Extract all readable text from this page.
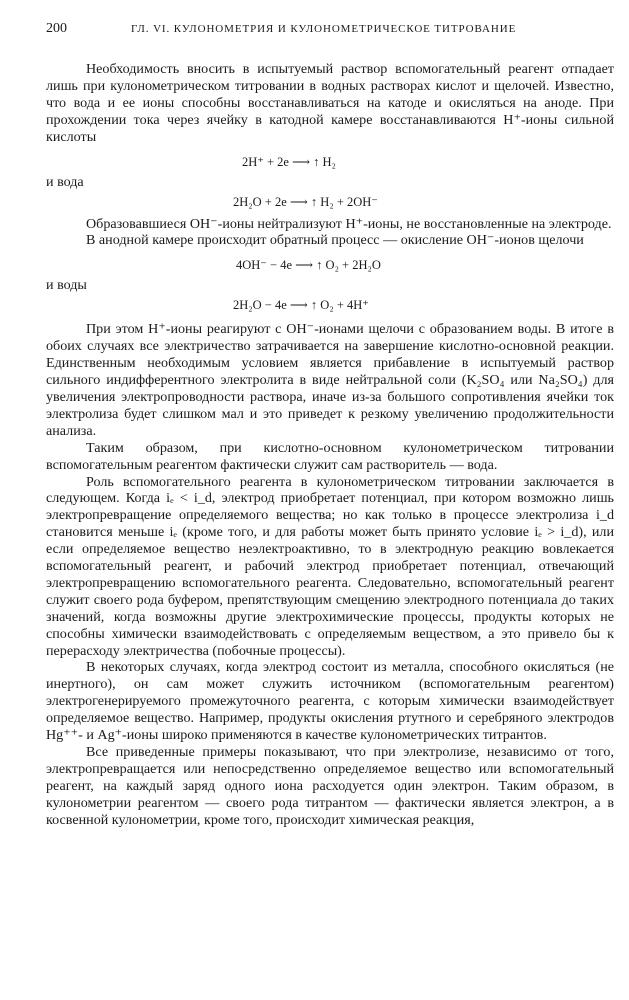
200	ГЛ. VI. КУЛОНОМЕТРИЯ И КУЛОНОМЕТРИЧЕСКОЕ ТИТРОВАНИЕ

Необходимость вносить в испытуемый раствор вспомогательный реагент отпадает лишь при кулонометрическом титровании в водных растворах кислот и щелочей. Известно, что вода и ее ионы способны восстанавливаться на катоде и окисляться на аноде. При прохождении тока через ячейку в катодной камере восстанавливаются H⁺-ионы сильной кислоты

2H⁺ + 2e ⟶ ↑ H₂

и вода

2H₂O + 2e ⟶ ↑ H₂ + 2OH⁻

Образовавшиеся OH⁻-ионы нейтрализуют H⁺-ионы, не восстановленные на электроде.

В анодной камере происходит обратный процесс — окисление OH⁻-ионов щелочи

4OH⁻ − 4e ⟶ ↑ O₂ + 2H₂O

и воды

2H₂O − 4e ⟶ ↑ O₂ + 4H⁺

При этом H⁺-ионы реагируют с OH⁻-ионами щелочи с образованием воды. В итоге в обоих случаях все электричество затрачивается на завершение кислотно-основной реакции. Единственным необходимым условием является прибавление в испытуемый раствор сильного индифферентного электролита в виде нейтральной соли (K₂SO₄ или Na₂SO₄) для увеличения электропроводности раствора, иначе из-за большого сопротивления ячейки ток электролиза будет слишком мал и это приведет к резкому увеличению продолжительности анализа.

Таким образом, при кислотно-основном кулонометрическом титровании вспомогательным реагентом фактически служит сам растворитель — вода.

Роль вспомогательного реагента в кулонометрическом титровании заключается в следующем. Когда iₑ < i_d, электрод приобретает потенциал, при котором возможно лишь электропревращение определяемого вещества; но как только в процессе электролиза i_d становится меньше iₑ (кроме того, и для работы может быть принято условие iₑ > i_d), или если определяемое вещество неэлектроактивно, то в электродную реакцию вовлекается вспомогательный реагент, и рабочий электрод приобретает потенциал, отвечающий электропревращению вспомогательного реагента. Следовательно, вспомогательный реагент служит своего рода буфером, препятствующим смещению электродного потенциала до таких значений, когда возможны другие электрохимические процессы, продукты которых не способны химически взаимодействовать с определяемым веществом, а это привело бы к перерасходу электричества (побочные процессы).

В некоторых случаях, когда электрод состоит из металла, способного окисляться (не инертного), он сам может служить источником (вспомогательным реагентом) электрогенерируемого промежуточного реагента, с которым химически взаимодействует определяемое вещество. Например, продукты окисления ртутного и серебряного электродов Hg⁺⁺- и Ag⁺-ионы широко применяются в качестве кулонометрических титрантов.

Все приведенные примеры показывают, что при электролизе, независимо от того, электропревращается или непосредственно определяемое вещество или вспомогательный реагент, на каждый заряд одного иона расходуется один электрон. Таким образом, в кулонометрии реагентом — своего рода титрантом — фактически является электрон, а в косвенной кулонометрии, кроме того, происходит химическая реакция,
